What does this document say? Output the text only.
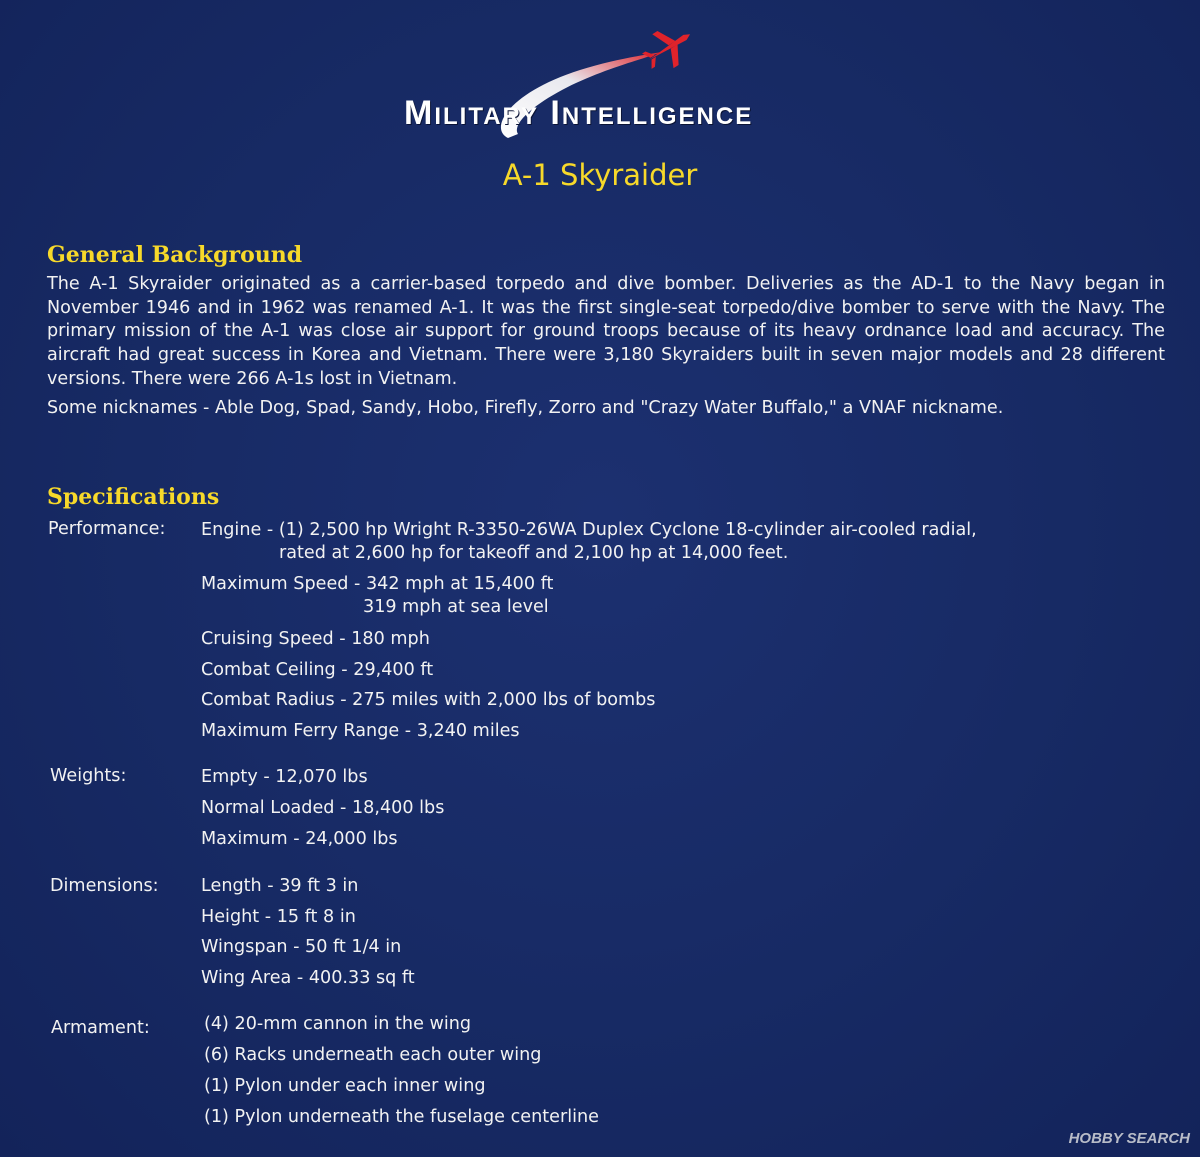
Military Intelligence
A-1 Skyraider
General Background
The A-1 Skyraider originated as a carrier-based torpedo and dive bomber. Deliveries as the AD-1 to the Navy began in November 1946 and in 1962 was renamed A-1. It was the first single-seat torpedo/dive bomber to serve with the Navy. The primary mission of the A-1 was close air support for ground troops because of its heavy ordnance load and accuracy. The aircraft had great success in Korea and Vietnam. There were 3,180 Skyraiders built in seven major models and 28 different versions. There were 266 A-1s lost in Vietnam.
Some nicknames - Able Dog, Spad, Sandy, Hobo, Firefly, Zorro and "Crazy Water Buffalo," a VNAF nickname.
Specifications
Performance: Engine - (1) 2,500 hp Wright R-3350-26WA Duplex Cyclone 18-cylinder air-cooled radial,
rated at 2,600 hp for takeoff and 2,100 hp at 14,000 feet.
Maximum Speed - 342 mph at 15,400 ft
319 mph at sea level
Cruising Speed - 180 mph
Combat Ceiling - 29,400 ft
Combat Radius - 275 miles with 2,000 lbs of bombs
Maximum Ferry Range - 3,240 miles
Weights:	Empty - 12,070 lbs
Normal Loaded - 18,400 lbs
Maximum - 24,000 lbs
Dimensions: Length - 39 ft 3 in
Height - 15 ft 8 in
Wingspan - 50 ft 1/4 in
Wing Area - 400.33 sq ft
Armament:	(4) 20-mm cannon in the wing
(6) Racks underneath each outer wing
(1) Pylon under each inner wing
(1) Pylon underneath the fuselage centerline
HOBBY SEARCH
